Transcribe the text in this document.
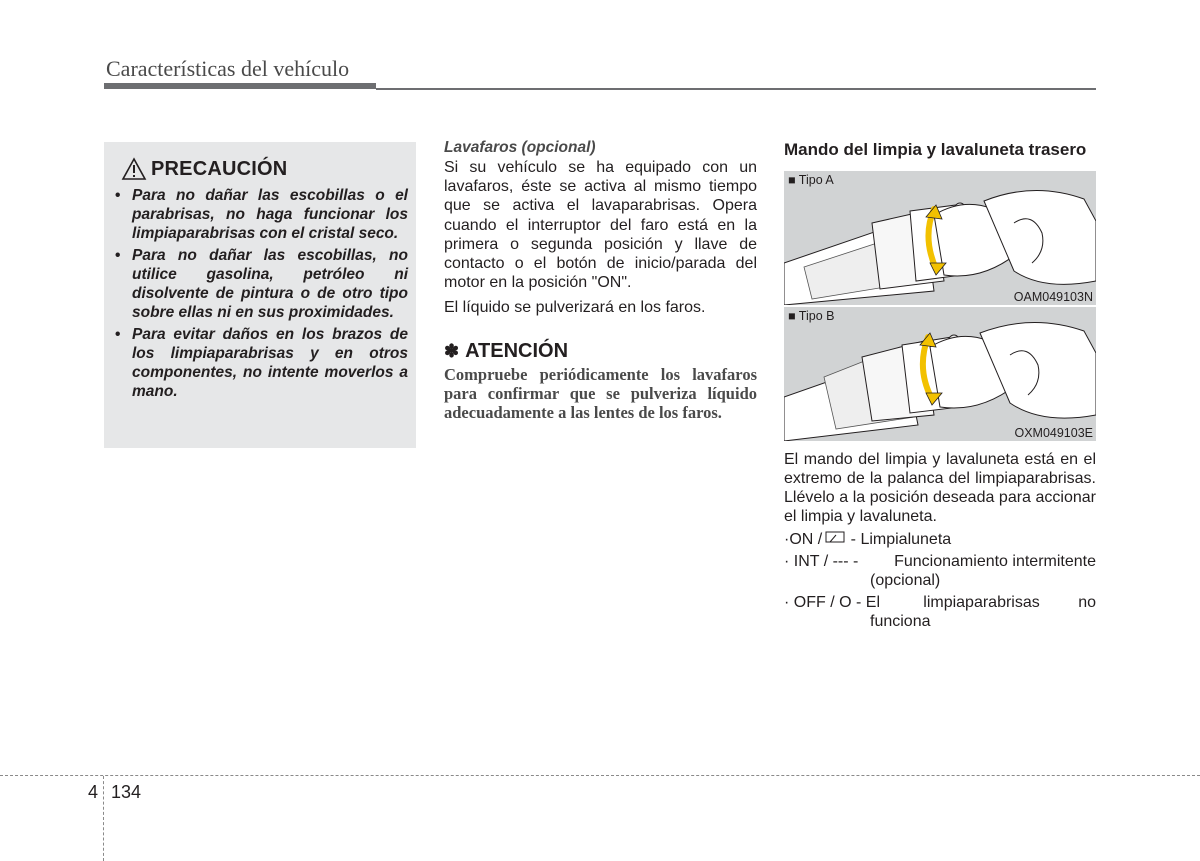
Características del vehículo
PRECAUCIÓN
• Para no dañar las escobillas o el parabrisas, no haga funcionar los limpiaparabrisas con el cristal seco.
• Para no dañar las escobillas, no utilice gasolina, petróleo ni disolvente de pintura o de otro tipo sobre ellas ni en sus proximidades.
• Para evitar daños en los brazos de los limpiaparabrisas y en otros componentes, no intente moverlos a mano.
Lavafaros (opcional)

Si su vehículo se ha equipado con un lavafaros, éste se activa al mismo tiempo que se activa el lavaparabrisas. Opera cuando el interruptor del faro está en la primera o segunda posición y llave de contacto o el botón de inicio/parada del motor en la posición "ON".

El líquido se pulverizará en los faros.

✽ ATENCIÓN
Compruebe periódicamente los lavafaros para confirmar que se pulveriza líquido adecuadamente a las lentes de los faros.

Mando del limpia y lavaluneta trasero

■ Tipo A
OAM049103N
■ Tipo B
OXM049103E

El mando del limpia y lavaluneta está en el extremo de la palanca del limpiaparabrisas. Llévelo a la posición deseada para accionar el limpia y lavaluneta.

·ON / - Limpialuneta
· INT / --- - Funcionamiento intermitente
(opcional)
· OFF / O - El	limpiaparabrisas no
funciona
4 134
